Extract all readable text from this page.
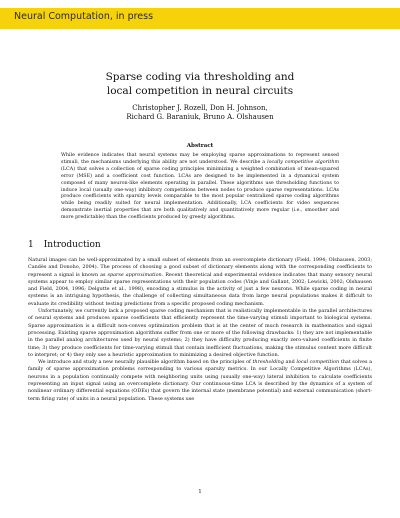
Neural Computation, in press
Sparse coding via thresholding and
local competition in neural circuits
Christopher J. Rozell, Don H. Johnson,
Richard G. Baraniuk, Bruno A. Olshausen
Abstract
While evidence indicates that neural systems may be employing sparse approximations to represent sensed stimuli, the mechanisms underlying this ability are not understood. We describe a locally competitive algorithm (LCA) that solves a collection of sparse coding principles minimizing a weighted combination of mean-squared error (MSE) and a coefficient cost function. LCAs are designed to be implemented in a dynamical system composed of many neuron-like elements operating in parallel. These algorithms use thresholding functions to induce local (usually one-way) inhibitory competitions between nodes to produce sparse representations. LCAs produce coefficients with sparsity levels comparable to the most popular centralized sparse coding algorithms while being readily suited for neural implementation. Additionally, LCA coefficients for video sequences demonstrate inertial properties that are both qualitatively and quantitatively more regular (i.e., smoother and more predictable) than the coefficients produced by greedy algorithms.
1 Introduction

Natural images can be well-approximated by a small subset of elements from an overcomplete dictionary (Field, 1994; Olshausen, 2003; Candès and Donoho, 2004). The process of choosing a good subset of dictionary elements along with the corresponding coefficients to represent a signal is known as sparse approximation. Recent theoretical and experimental evidence indicates that many sensory neural systems appear to employ similar sparse representations with their population codes (Vinje and Gallant, 2002; Lewicki, 2002; Olshausen and Field, 2004, 1996; Delgutte et al., 1998), encoding a stimulus in the activity of just a few neurons. While sparse coding in neural systems is an intriguing hypothesis, the challenge of collecting simultaneous data from large neural populations makes it difficult to evaluate its credibility without testing predictions from a specific proposed coding mechanism.

Unfortunately, we currently lack a proposed sparse coding mechanism that is realistically implementable in the parallel architectures of neural systems and produces sparse coefficients that efficiently represent the time-varying stimuli important to biological systems. Sparse approximation is a difficult non-convex optimization problem that is at the center of much research in mathematics and signal processing. Existing sparse approximation algorithms suffer from one or more of the following drawbacks: 1) they are not implementable in the parallel analog architectures used by neural systems; 2) they have difficulty producing exactly zero-valued coefficients in finite time; 3) they produce coefficients for time-varying stimuli that contain inefficient fluctuations, making the stimulus content more difficult to interpret; or 4) they only use a heuristic approximation to minimizing a desired objective function.

We introduce and study a new neurally plausible algorithm based on the principles of thresholding and local competition that solves a family of sparse approximation problems corresponding to various sparsity metrics. In our Locally Competitive Algorithms (LCAs), neurons in a population continually compete with neighboring units using (usually one-way) lateral inhibition to calculate coefficients representing an input signal using an overcomplete dictionary. Our continuous-time LCA is described by the dynamics of a system of nonlinear ordinary differential equations (ODEs) that govern the internal state (membrane potential) and external communication (short-term firing rate) of units in a neural population. These systems use

1
